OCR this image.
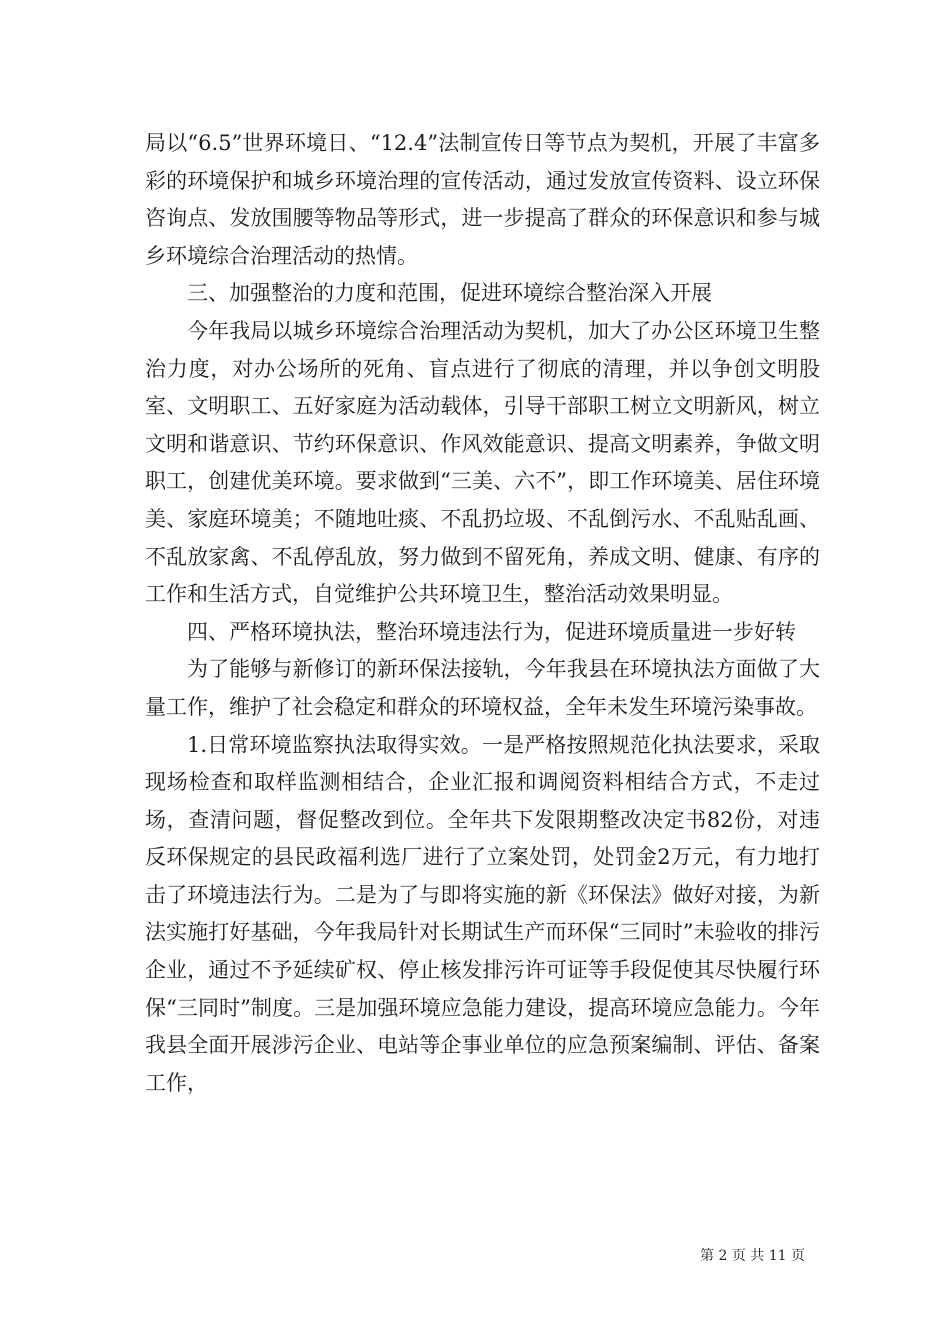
局以“6.5”世界环境日、“12.4”法制宣传日等节点为契机，开展了丰富多彩的环境保护和城乡环境治理的宣传活动，通过发放宣传资料、设立环保咨询点、发放围腰等物品等形式，进一步提高了群众的环保意识和参与城乡环境综合治理活动的热情。

三、加强整治的力度和范围，促进环境综合整治深入开展

今年我局以城乡环境综合治理活动为契机，加大了办公区环境卫生整治力度，对办公场所的死角、盲点进行了彻底的清理，并以争创文明股室、文明职工、五好家庭为活动载体，引导干部职工树立文明新风，树立文明和谐意识、节约环保意识、作风效能意识、提高文明素养，争做文明职工，创建优美环境。要求做到“三美、六不”，即工作环境美、居住环境美、家庭环境美；不随地吐痰、不乱扔垃圾、不乱倒污水、不乱贴乱画、不乱放家禽、不乱停乱放，努力做到不留死角，养成文明、健康、有序的工作和生活方式，自觉维护公共环境卫生，整治活动效果明显。

四、严格环境执法，整治环境违法行为，促进环境质量进一步好转

为了能够与新修订的新环保法接轨，今年我县在环境执法方面做了大量工作，维护了社会稳定和群众的环境权益，全年未发生环境污染事故。

1.日常环境监察执法取得实效。一是严格按照规范化执法要求，采取现场检查和取样监测相结合，企业汇报和调阅资料相结合方式，不走过场，查清问题，督促整改到位。全年共下发限期整改决定书82份，对违反环保规定的县民政福利选厂进行了立案处罚，处罚金2万元，有力地打击了环境违法行为。二是为了与即将实施的新《环保法》做好对接，为新法实施打好基础，今年我局针对长期试生产而环保“三同时”未验收的排污企业，通过不予延续矿权、停止核发排污许可证等手段促使其尽快履行环保“三同时”制度。三是加强环境应急能力建设，提高环境应急能力。今年我县全面开展涉污企业、电站等企事业单位的应急预案编制、评估、备案工作，

第 2 页 共 11 页
